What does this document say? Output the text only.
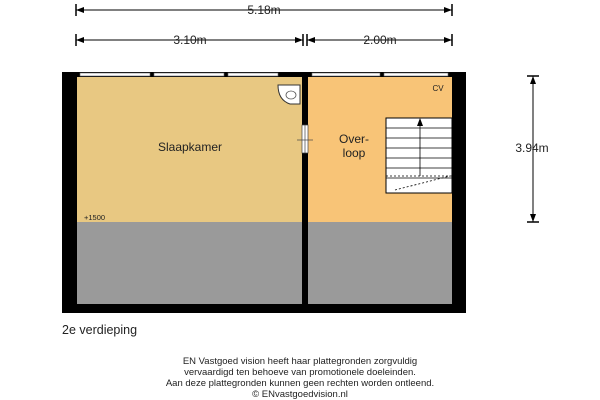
5.18m
3.10m	2.00m
3.94m
Slaapkamer
Over-
loop
CV
+1500
2e verdieping
EN Vastgoed vision heeft haar plattegronden zorgvuldig
vervaardigd ten behoeve van promotionele doeleinden.
Aan deze plattegronden kunnen geen rechten worden ontleend.
© ENvastgoedvision.nl
